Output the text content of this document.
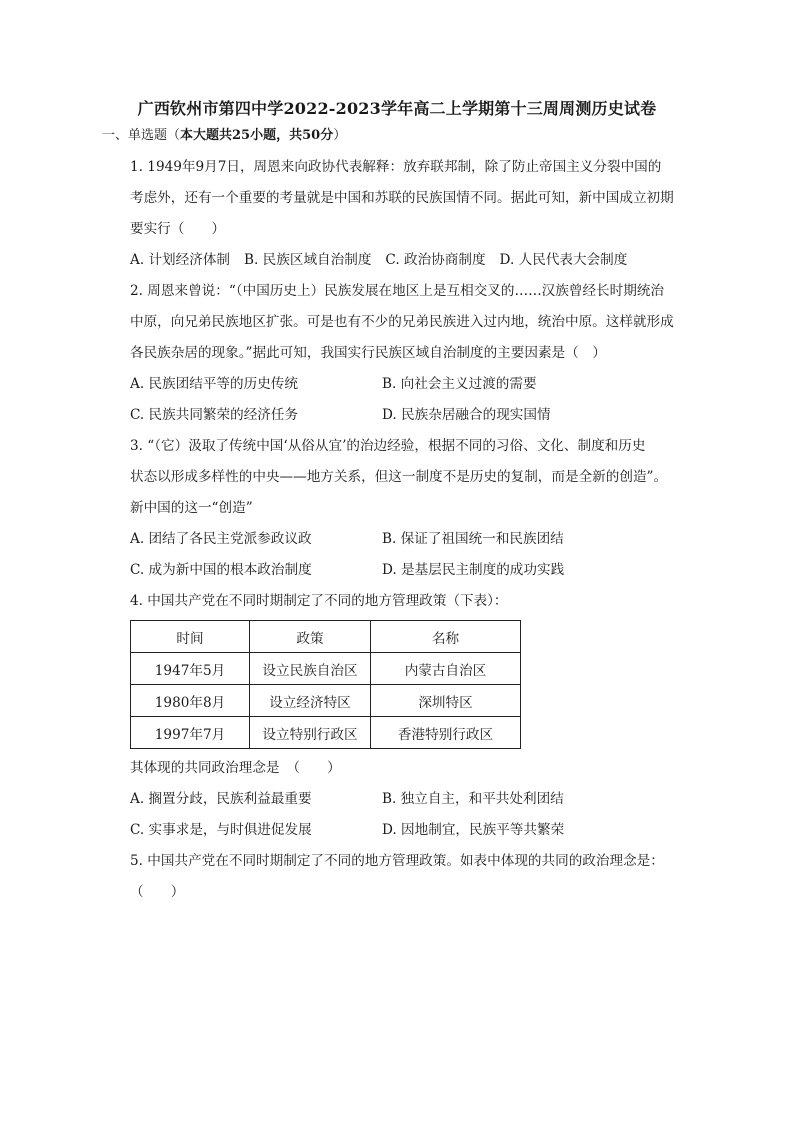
广西钦州市第四中学2022-2023学年高二上学期第十三周周测历史试卷
一、单选题（本大题共25小题，共50分）
1. 1949年9月7日，周恩来向政协代表解释：放弃联邦制，除了防止帝国主义分裂中国的
考虑外，还有一个重要的考量就是中国和苏联的民族国情不同。据此可知，新中国成立初期
要实行（　　）
A. 计划经济体制 B. 民族区域自治制度 C. 政治协商制度 D. 人民代表大会制度
2. 周恩来曾说：“（中国历史上）民族发展在地区上是互相交叉的……汉族曾经长时期统治
中原，向兄弟民族地区扩张。可是也有不少的兄弟民族进入过内地，统治中原。这样就形成
各民族杂居的现象。”据此可知，我国实行民族区域自治制度的主要因素是（　）
A. 民族团结平等的历史传统	B. 向社会主义过渡的需要
C. 民族共同繁荣的经济任务	D. 民族杂居融合的现实国情
3. “（它）汲取了传统中国‘从俗从宜’的治边经验，根据不同的习俗、文化、制度和历史
状态以形成多样性的中央——地方关系，但这一制度不是历史的复制，而是全新的创造”。
新中国的这一“创造”
A. 团结了各民主党派参政议政	B. 保证了祖国统一和民族团结
C. 成为新中国的根本政治制度	D. 是基层民主制度的成功实践
4. 中国共产党在不同时期制定了不同的地方管理政策（下表）：
时间	政策	名称
1947年5月	设立民族自治区	内蒙古自治区
1980年8月	设立经济特区	深圳特区
1997年7月	设立特别行政区	香港特别行政区
其体现的共同政治理念是　（　　）
A. 搁置分歧，民族利益最重要	B. 独立自主，和平共处利团结
C. 实事求是，与时俱进促发展	D. 因地制宜，民族平等共繁荣
5. 中国共产党在不同时期制定了不同的地方管理政策。如表中体现的共同的政治理念是：
（　　）
